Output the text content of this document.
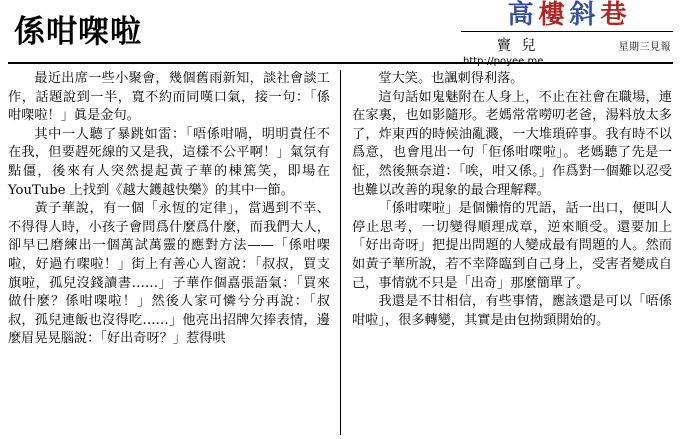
係咁㗎啦	高 樓 斜 巷
竇 兒	星期三見報
http://poyee.me

最近出席一些小聚會，幾個舊雨新知，談社會談工作，話題說到一半，寬不約而同嘆口氣，接一句：「係咁㗎啦！」眞是金句。

其中一人聽了暴跳如雷：「唔係咁喎，明明責任不在我，但要趕死線的又是我，這樣不公平啊！」氣氛有點僵，後來有人突然提起黃子華的棟篤笑，即場在 YouTube 上找到《越大鑊越快樂》的其中一節。

黃子華說，有一個「永恆的定律」，當遇到不幸、不得得人時，小孩子會問爲什麼爲什麼，而我們大人，卻早已磨練出一個萬試萬靈的應對方法——「係咁㗎啦，好過冇㗎啦！」街上有善心人窗說：「叔叔，買支旗啦，孤兒沒錢讀書……」子華作個嚞張語氣：「買來做什麼？係咁㗎啦！」然後人家可憐兮分再說：「叔叔，孤兒連飯也沒得吃……」他亮出招牌欠捧表情，邊麼眉晃晃腦說：「好出奇呀？」惹得哄

堂大笑。也諷刺得利落。

這句話如鬼魅附在人身上，不止在社會在職場，連在家裏，也如影隨形。老媽常常嘮叨老爸，湯料放太多了，炸東西的時候油亂濺，一大堆瑣碎事。我有時不以爲意，也會甩出一句「佢係咁㗎啦」。老媽聽了先是一怔，然後無奈道：「唉，咁又係。」作爲對一個難以忍受也難以改善的現象的最合理解釋。

「係咁㗎啦」是個懶惰的咒語，話一出口，便叫人停止思考，一切變得順理成章，逆來順受。還要加上「好出奇呀」把提出問題的人變成最有問題的人。然而如黃子華所說，若不幸降臨到自己身上，受害者變成自己，事情就不只是「出奇」那麼簡單了。

我還是不甘相信，有些事情，應該還是可以「唔係咁啦」，很多轉變，其實是由包拗頸開始的。
